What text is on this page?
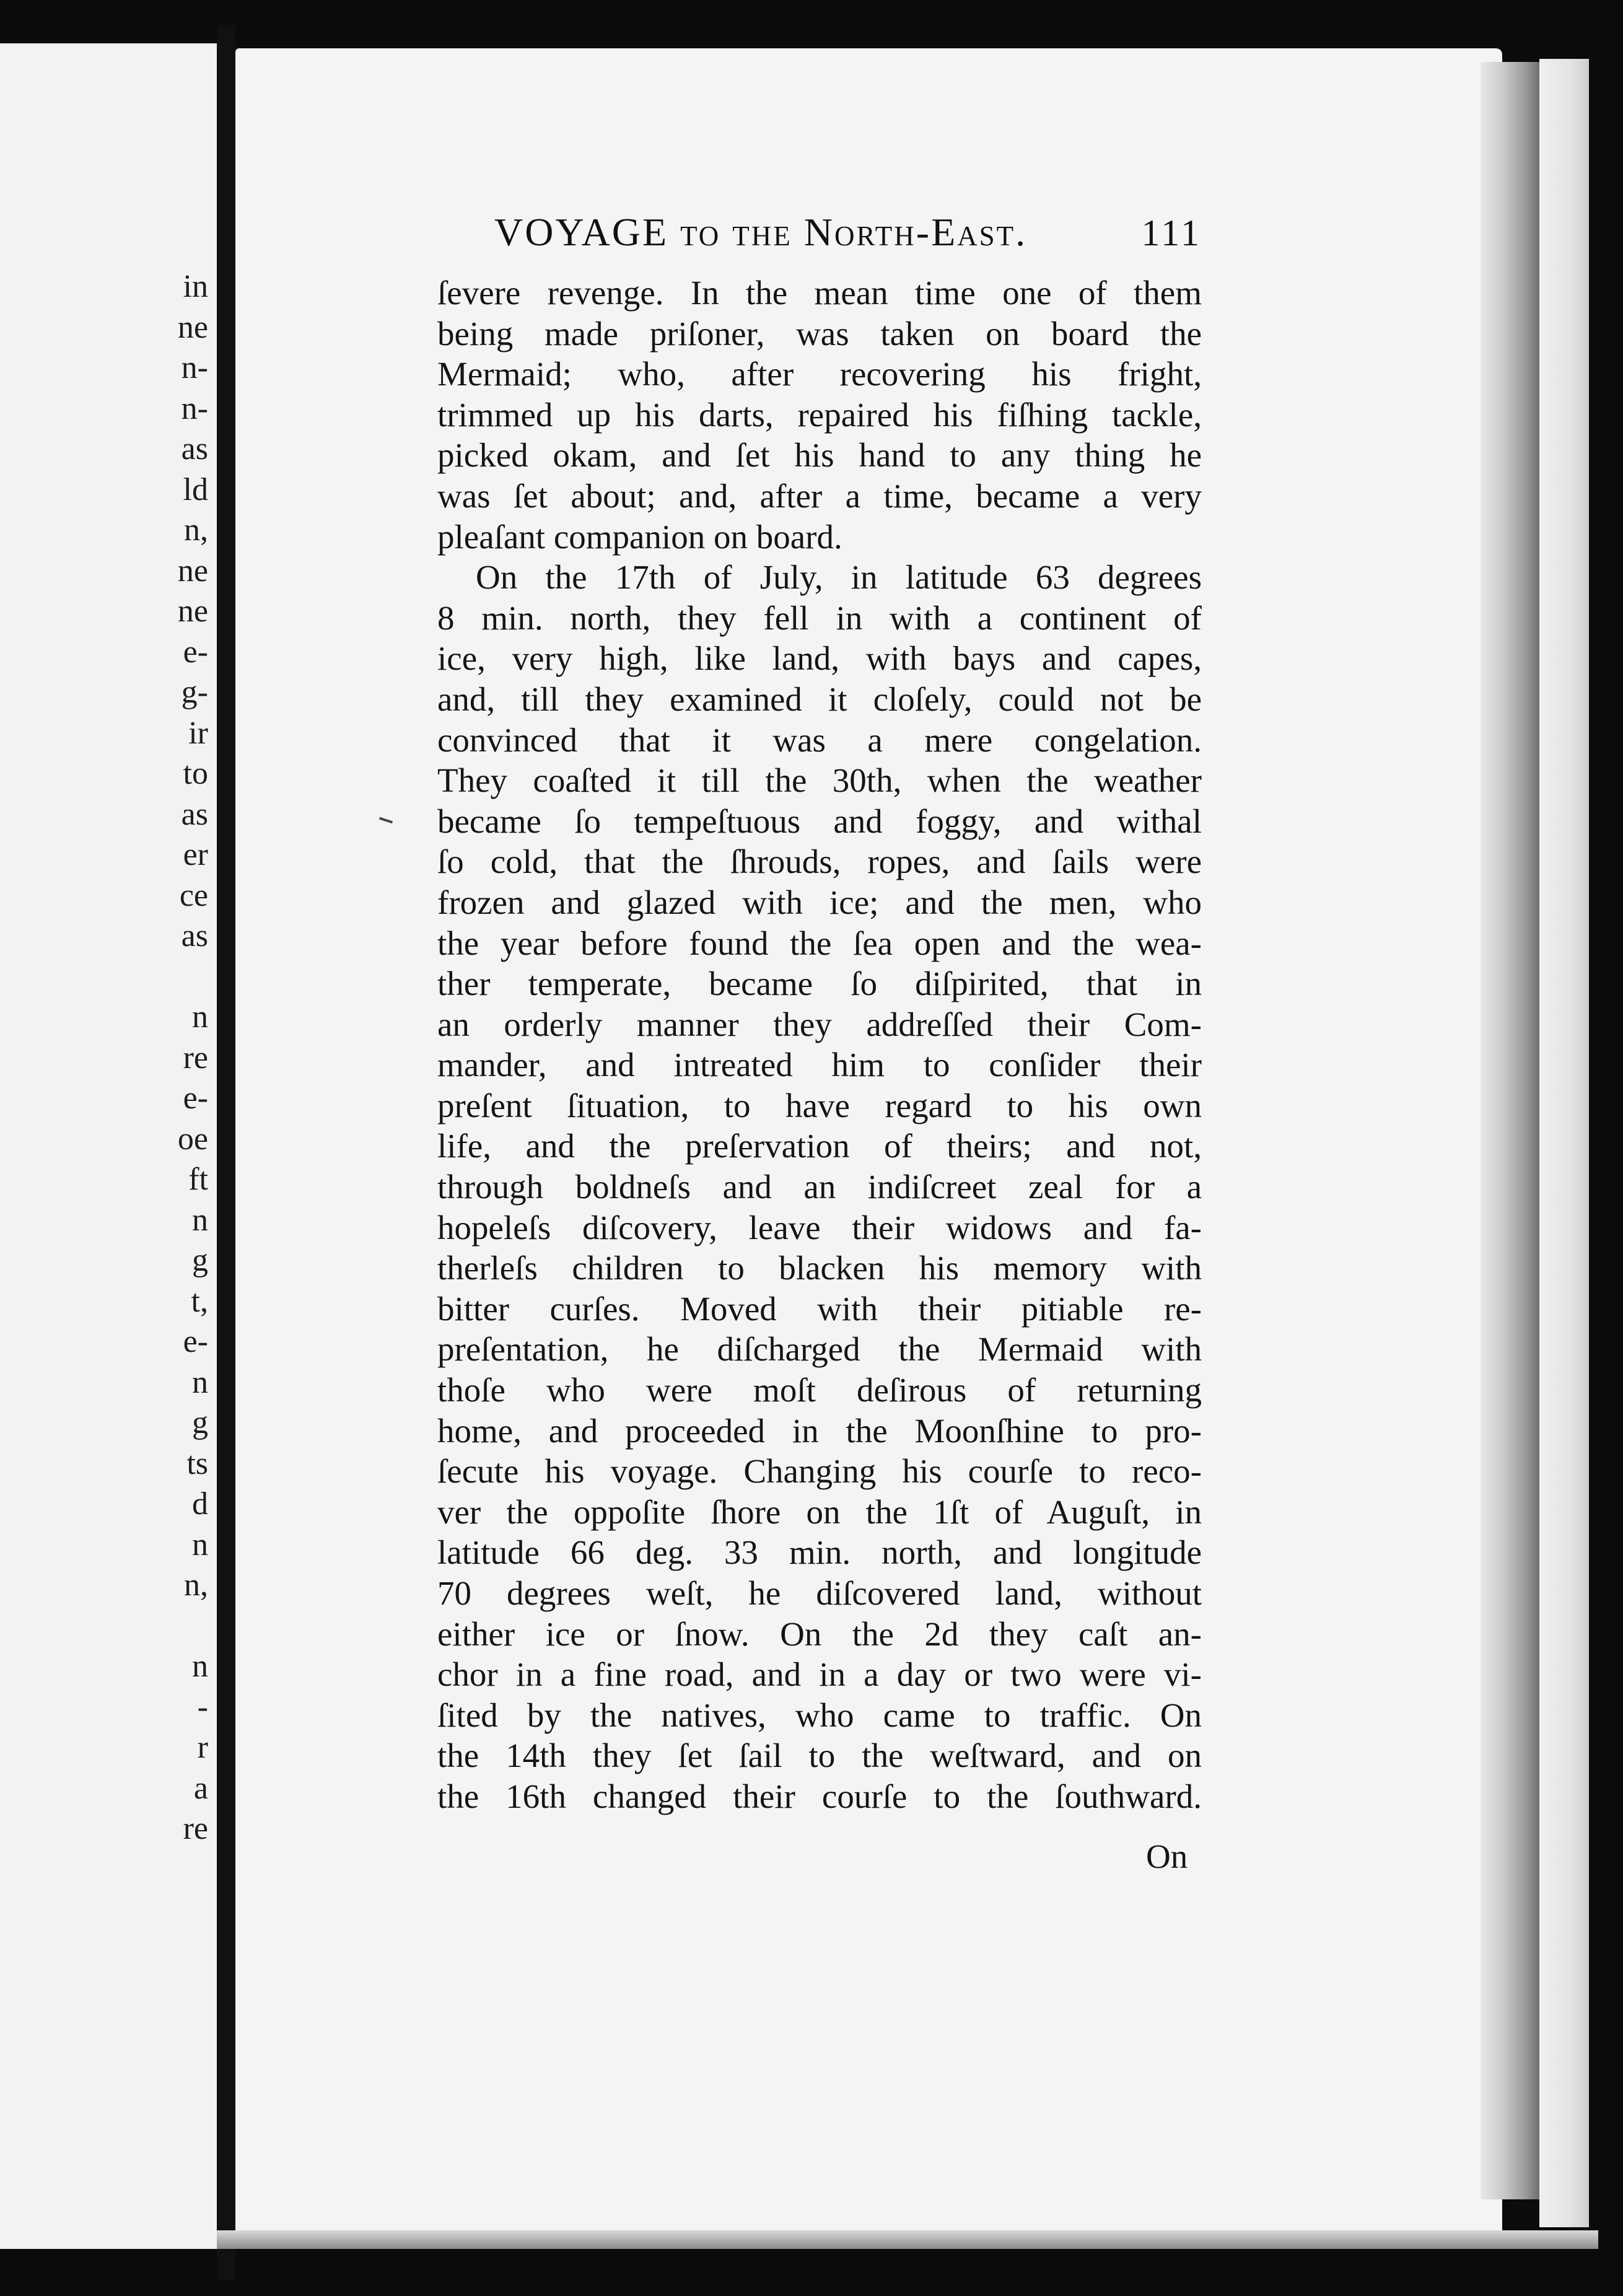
in
ne
n-
n-
as
ld
n,
ne
ne
e-
g-
ir
to
as
er
ce
as
n
re
e-
oe
ft
n
g
t,
e-
n
g
ts
d
n
n,
n
-
r
a
re
VOYAGE to the North-East.	111
ſevere revenge. In the mean time one of them
being made priſoner, was taken on board the
Mermaid; who, after recovering his fright,
trimmed up his darts, repaired his fiſhing tackle,
picked okam, and ſet his hand to any thing he
was ſet about; and, after a time, became a very
pleaſant companion on board.
On the 17th of July, in latitude 63 degrees
8 min. north, they fell in with a continent of
ice, very high, like land, with bays and capes,
and, till they examined it cloſely, could not be
convinced that it was a mere congelation.
They coaſted it till the 30th, when the weather
became ſo tempeſtuous and foggy, and withal
ſo cold, that the ſhrouds, ropes, and ſails were
frozen and glazed with ice; and the men, who
the year before found the ſea open and the wea-
ther temperate, became ſo diſpirited, that in
an orderly manner they addreſſed their Com-
mander, and intreated him to conſider their
preſent ſituation, to have regard to his own
life, and the preſervation of theirs; and not,
through boldneſs and an indiſcreet zeal for a
hopeleſs diſcovery, leave their widows and fa-
therleſs children to blacken his memory with
bitter curſes. Moved with their pitiable re-
preſentation, he diſcharged the Mermaid with
thoſe who were moſt deſirous of returning
home, and proceeded in the Moonſhine to pro-
ſecute his voyage. Changing his courſe to reco-
ver the oppoſite ſhore on the 1ſt of Auguſt, in
latitude 66 deg. 33 min. north, and longitude
70 degrees weſt, he diſcovered land, without
either ice or ſnow. On the 2d they caſt an-
chor in a fine road, and in a day or two were vi-
ſited by the natives, who came to traffic. On
the 14th they ſet ſail to the weſtward, and on
the 16th changed their courſe to the ſouthward.
On
